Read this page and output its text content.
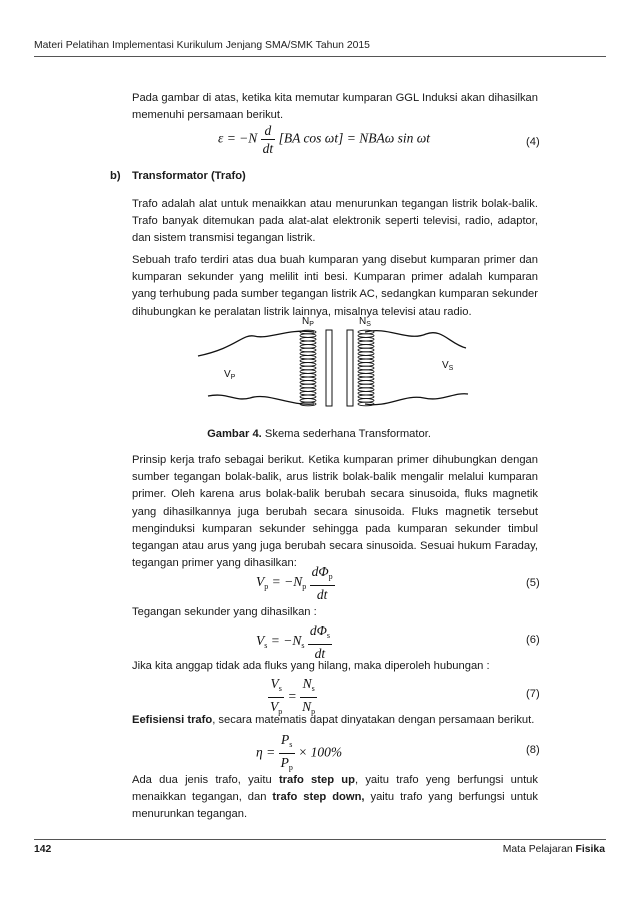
Materi Pelatihan Implementasi Kurikulum Jenjang SMA/SMK Tahun 2015

Pada gambar di atas, ketika kita memutar kumparan GGL Induksi akan dihasilkan memenuhi persamaan berikut.

$\varepsilon = -N \frac{d}{dt} [BA$ cos ωt] = NBAω sin ωt	(4)
b) Transformator (Trafo)

Trafo adalah alat untuk menaikkan atau menurunkan tegangan listrik bolak-balik. Trafo banyak ditemukan pada alat-alat elektronik seperti televisi, radio, adaptor, dan sistem transmisi tegangan listrik.

Sebuah trafo terdiri atas dua buah kumparan yang disebut kumparan primer dan kumparan sekunder yang melilit inti besi. Kumparan primer adalah kumparan yang terhubung pada sumber tegangan listrik AC, sedangkan kumparan sekunder dihubungkan ke peralatan listrik lainnya, misalnya televisi atau radio.

$N_P$	$N_S$
$V_P$
$V_S$
Gambar 4. Skema sederhana Transformator.

Prinsip kerja trafo sebagai berikut. Ketika kumparan primer dihubungkan dengan sumber tegangan bolak-balik, arus listrik bolak-balik mengalir melalui kumparan primer. Oleh karena arus bolak-balik berubah secara sinusoida, fluks magnetik yang dihasilkannya juga berubah secara sinusoida. Fluks magnetik tersebut menginduksi kumparan sekunder sehingga pada kumparan sekunder timbul tegangan atau arus yang juga berubah secara sinusoida. Sesuai hukum Faraday, tegangan primer yang dihasilkan:

$V_p = -N_p \frac{d\Phi_p}{dt}$	(5)
Tegangan sekunder yang dihasilkan :
$V_s = -N_s \frac{d\Phi_s}{dt}$	(6)
Jika kita anggap tidak ada fluks yang hilang, maka diperoleh hubungan :
$\frac{V_s}{V_p} = \frac{N_s}{N_p}$	(7)
Eefisiensi trafo, secara matematis dapat dinyatakan dengan persamaan berikut.
$\eta = \frac{P_s}{P_p} \times 100\%$	(8)

Ada dua jenis trafo, yaitu trafo step up, yaitu trafo yeng berfungsi untuk menaikkan tegangan, dan trafo step down, yaitu trafo yang berfungsi untuk menurunkan tegangan.

142	Mata Pelajaran Fisika
